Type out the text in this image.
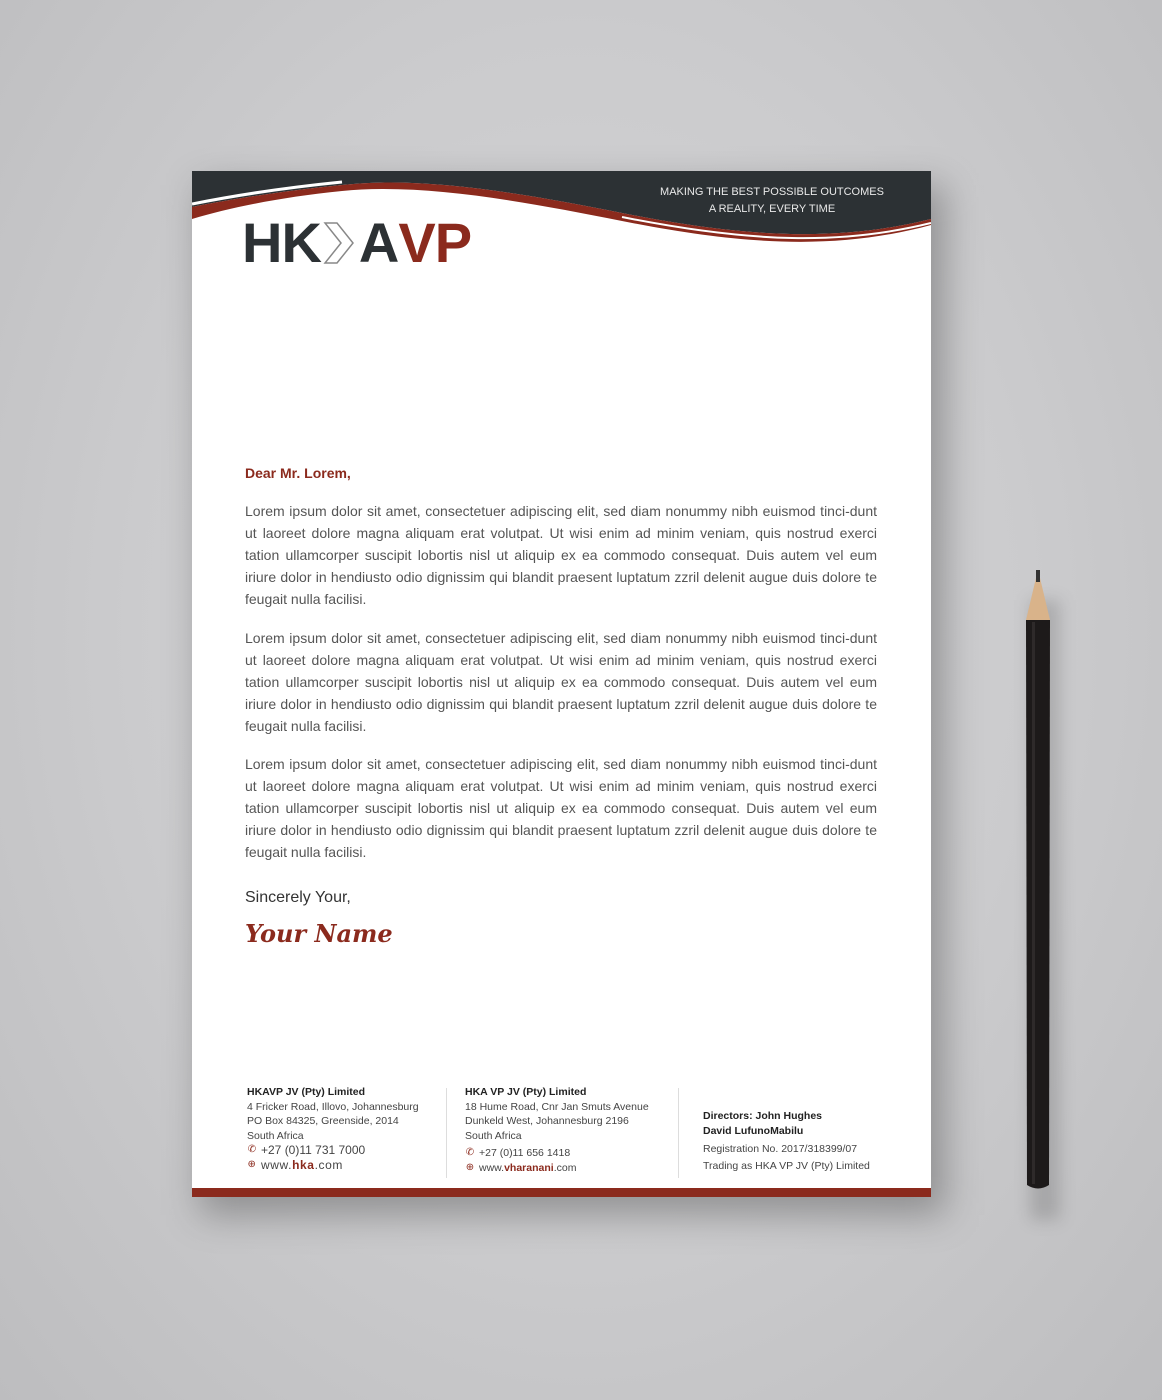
MAKING THE BEST POSSIBLE OUTCOMES
A REALITY, EVERY TIME
HK A VP
Dear Mr. Lorem,
Lorem ipsum dolor sit amet, consectetuer adipiscing elit, sed diam nonummy nibh euismod tinci-dunt ut laoreet dolore magna aliquam erat volutpat. Ut wisi enim ad minim veniam, quis nostrud exerci tation ullamcorper suscipit lobortis nisl ut aliquip ex ea commodo consequat. Duis autem vel eum iriure dolor in hendiusto odio dignissim qui blandit praesent luptatum zzril delenit augue duis dolore te feugait nulla facilisi.
Lorem ipsum dolor sit amet, consectetuer adipiscing elit, sed diam nonummy nibh euismod tinci-dunt ut laoreet dolore magna aliquam erat volutpat. Ut wisi enim ad minim veniam, quis nostrud exerci tation ullamcorper suscipit lobortis nisl ut aliquip ex ea commodo consequat. Duis autem vel eum iriure dolor in hendiusto odio dignissim qui blandit praesent luptatum zzril delenit augue duis dolore te feugait nulla facilisi.
Lorem ipsum dolor sit amet, consectetuer adipiscing elit, sed diam nonummy nibh euismod tinci-dunt ut laoreet dolore magna aliquam erat volutpat. Ut wisi enim ad minim veniam, quis nostrud exerci tation ullamcorper suscipit lobortis nisl ut aliquip ex ea commodo consequat. Duis autem vel eum iriure dolor in hendiusto odio dignissim qui blandit praesent luptatum zzril delenit augue duis dolore te feugait nulla facilisi.
Sincerely Your,
Your Name
HKAVP JV (Pty) Limited
4 Fricker Road, Illovo, Johannesburg
PO Box 84325, Greenside, 2014
South Africa
✆ +27 (0)11 731 7000
⊕ www.hka.com
HKA VP JV (Pty) Limited
18 Hume Road, Cnr Jan Smuts Avenue
Dunkeld West, Johannesburg 2196
South Africa
✆ +27 (0)11 656 1418
⊕ www.vharanani.com
Directors: John Hughes
David LufunoMabilu
Registration No. 2017/318399/07
Trading as HKA VP JV (Pty) Limited
